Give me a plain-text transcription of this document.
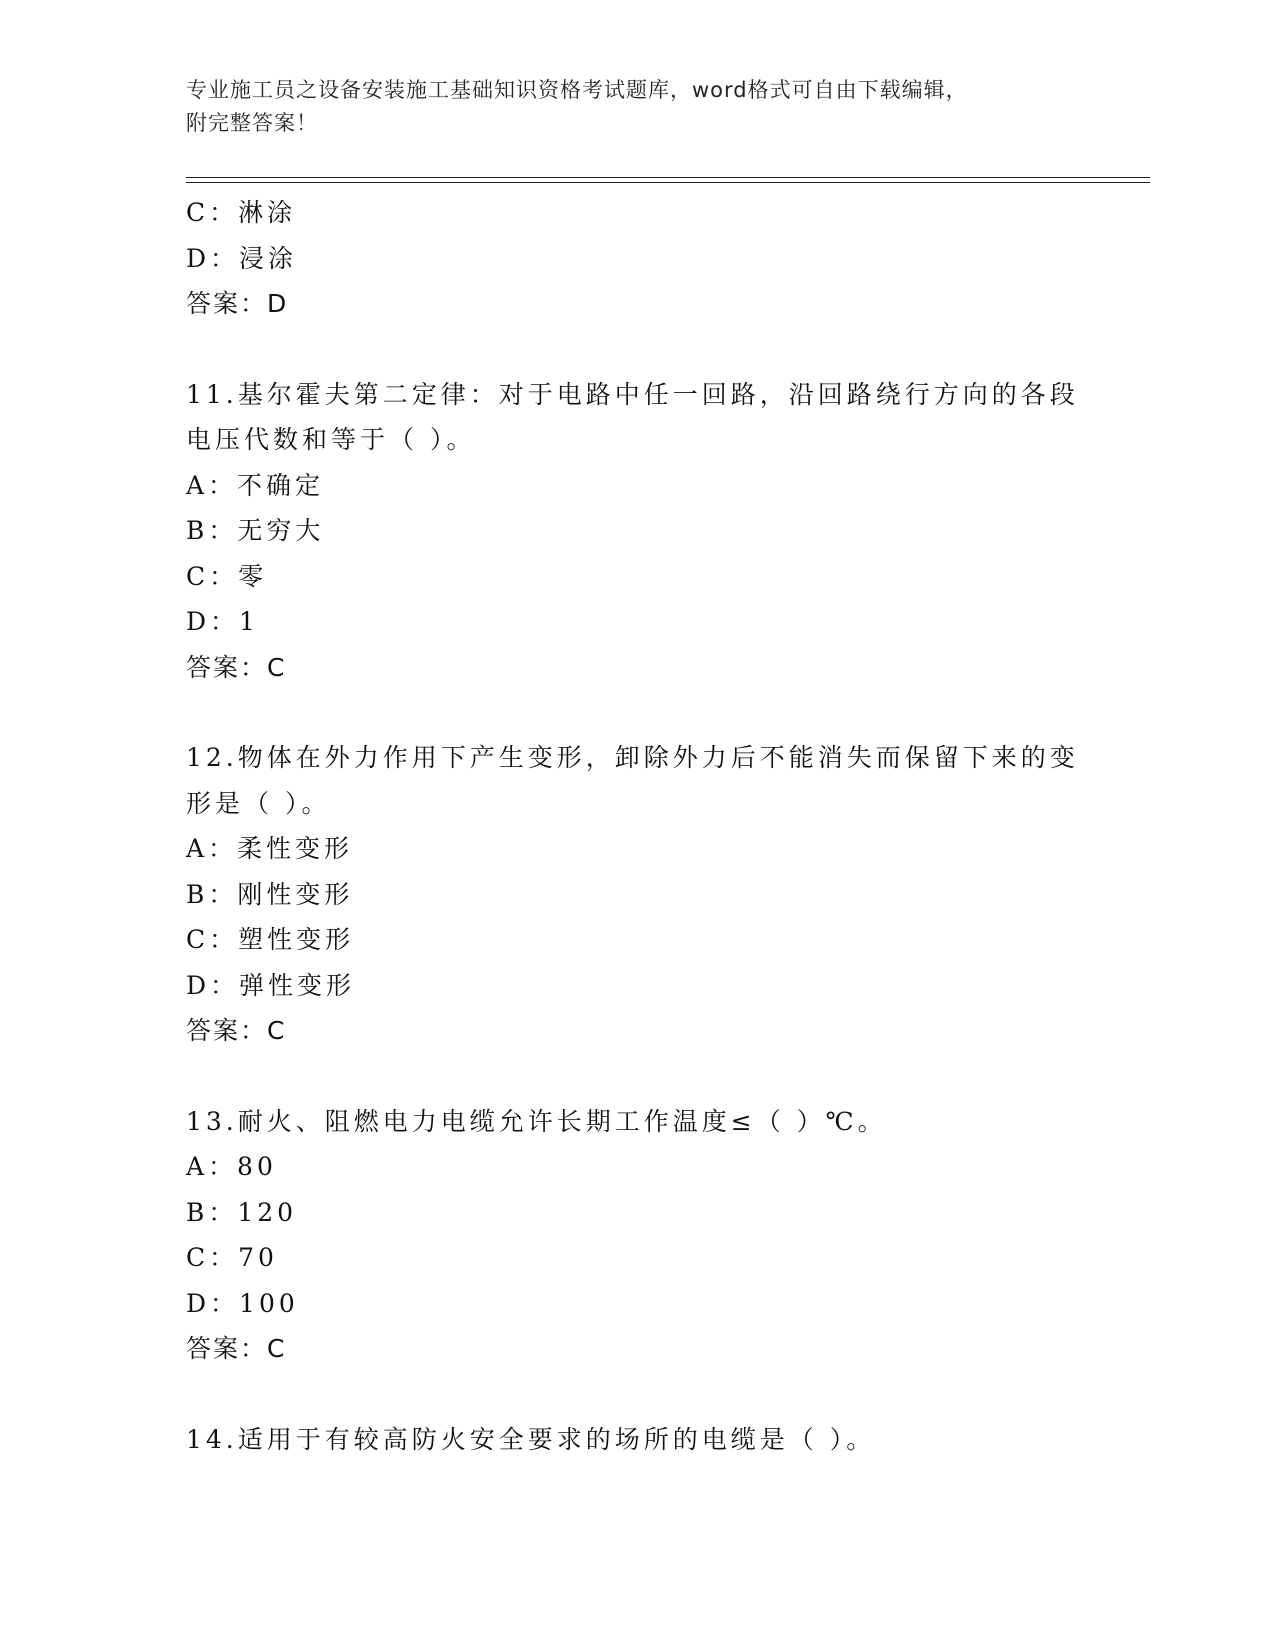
专业施工员之设备安装施工基础知识资格考试题库，word格式可自由下载编辑，
附完整答案！
C：淋涂
D：浸涂
答案：D
11.基尔霍夫第二定律：对于电路中任一回路，沿回路绕行方向的各段
电压代数和等于（ ）。
A：不确定
B：无穷大
C：零
D：1
答案：C
12.物体在外力作用下产生变形，卸除外力后不能消失而保留下来的变
形是（ ）。
A：柔性变形
B：刚性变形
C：塑性变形
D：弹性变形
答案：C
13.耐火、阻燃电力电缆允许长期工作温度≤（ ）℃。
A：80
B：120
C：70
D：100
答案：C
14.适用于有较高防火安全要求的场所的电缆是（ ）。
